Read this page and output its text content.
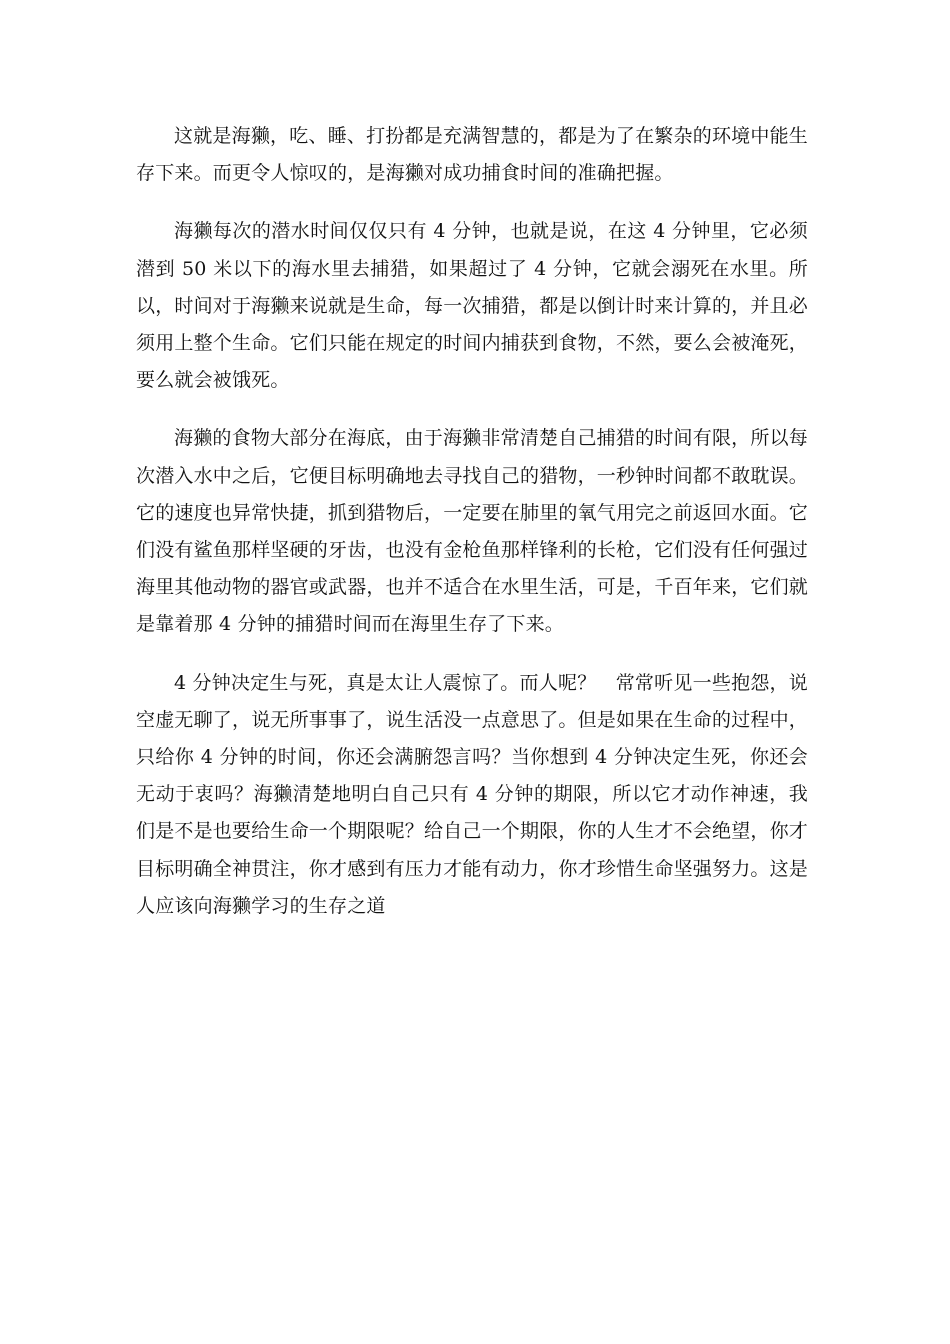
这就是海獭，吃、睡、打扮都是充满智慧的，都是为了在繁杂的环境中能生存下来。而更令人惊叹的，是海獭对成功捕食时间的准确把握。

海獭每次的潜水时间仅仅只有 4 分钟，也就是说，在这 4 分钟里，它必须潜到 50 米以下的海水里去捕猎，如果超过了 4 分钟，它就会溺死在水里。所以，时间对于海獭来说就是生命，每一次捕猎，都是以倒计时来计算的，并且必须用上整个生命。它们只能在规定的时间内捕获到食物，不然，要么会被淹死，要么就会被饿死。

海獭的食物大部分在海底，由于海獭非常清楚自己捕猎的时间有限，所以每次潜入水中之后，它便目标明确地去寻找自己的猎物，一秒钟时间都不敢耽误。它的速度也异常快捷，抓到猎物后，一定要在肺里的氧气用完之前返回水面。它们没有鲨鱼那样坚硬的牙齿，也没有金枪鱼那样锋利的长枪，它们没有任何强过海里其他动物的器官或武器，也并不适合在水里生活，可是，千百年来，它们就是靠着那 4 分钟的捕猎时间而在海里生存了下来。

4 分钟决定生与死，真是太让人震惊了。而人呢？　常常听见一些抱怨，说空虚无聊了，说无所事事了，说生活没一点意思了。但是如果在生命的过程中，只给你 4 分钟的时间，你还会满腑怨言吗？当你想到 4 分钟决定生死，你还会无动于衷吗？海獭清楚地明白自己只有 4 分钟的期限，所以它才动作神速，我们是不是也要给生命一个期限呢？给自己一个期限，你的人生才不会绝望，你才目标明确全神贯注，你才感到有压力才能有动力，你才珍惜生命坚强努力。这是人应该向海獭学习的生存之道
